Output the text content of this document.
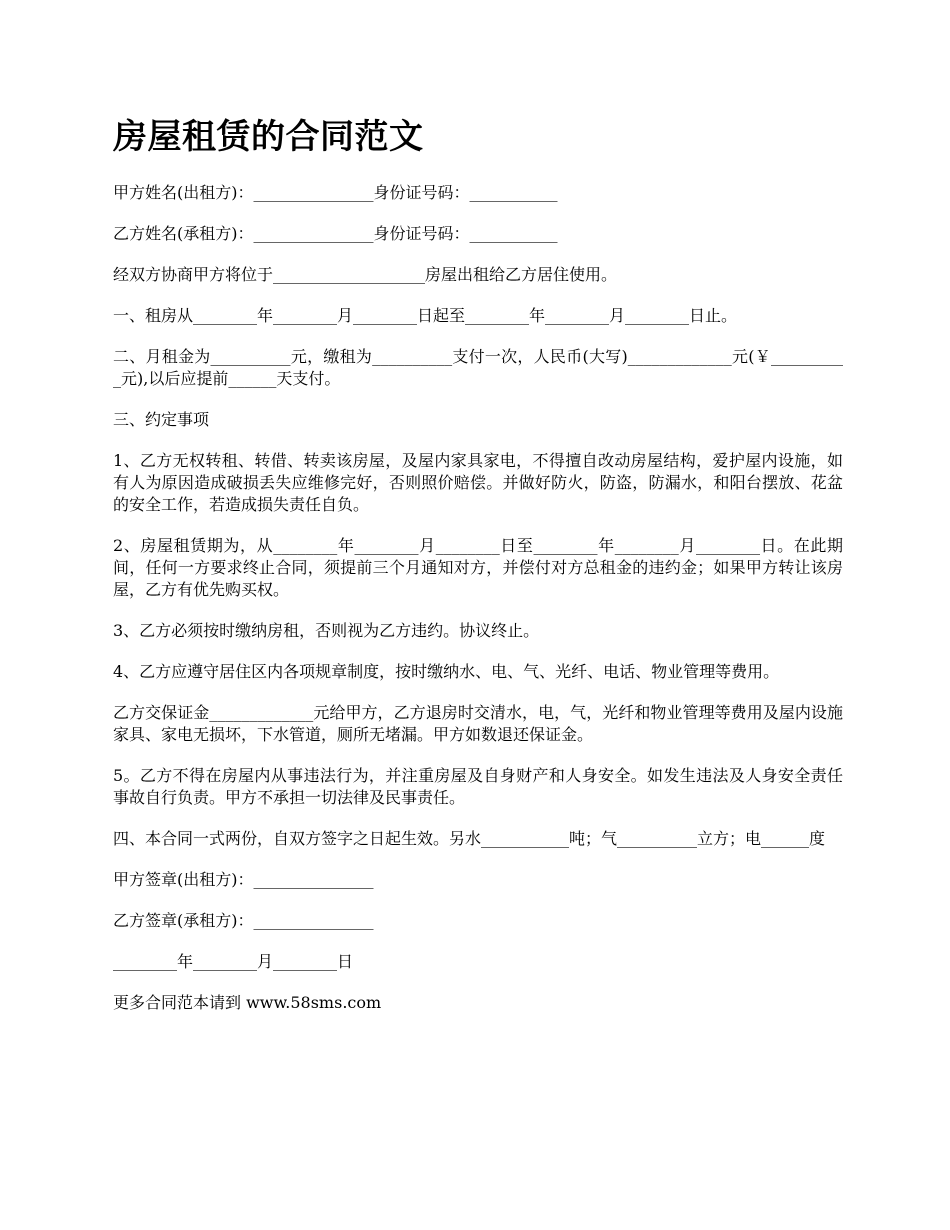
房屋租赁的合同范文

甲方姓名(出租方)：_______________身份证号码：___________

乙方姓名(承租方)：_______________身份证号码：___________

经双方协商甲方将位于___________________房屋出租给乙方居住使用。

一、租房从________年________月________日起至________年________月________日止。

二、月租金为__________元，缴租为__________支付一次，人民币(大写)_____________元(￥__________元),以后应提前______天支付。

三、约定事项

1、乙方无权转租、转借、转卖该房屋，及屋内家具家电，不得擅自改动房屋结构，爱护屋内设施，如有人为原因造成破损丢失应维修完好，否则照价赔偿。并做好防火，防盗，防漏水，和阳台摆放、花盆的安全工作，若造成损失责任自负。

2、房屋租赁期为，从________年________月________日至________年________月________日。在此期间，任何一方要求终止合同，须提前三个月通知对方，并偿付对方总租金的违约金；如果甲方转让该房屋，乙方有优先购买权。

3、乙方必须按时缴纳房租，否则视为乙方违约。协议终止。

4、乙方应遵守居住区内各项规章制度，按时缴纳水、电、气、光纤、电话、物业管理等费用。

乙方交保证金_____________元给甲方，乙方退房时交清水，电，气，光纤和物业管理等费用及屋内设施家具、家电无损坏，下水管道，厕所无堵漏。甲方如数退还保证金。

5。乙方不得在房屋内从事违法行为，并注重房屋及自身财产和人身安全。如发生违法及人身安全责任事故自行负责。甲方不承担一切法律及民事责任。

四、本合同一式两份，自双方签字之日起生效。另水___________吨；气__________立方；电______度

甲方签章(出租方)：_______________

乙方签章(承租方)：_______________

________年________月________日

更多合同范本请到 www.58sms.com
